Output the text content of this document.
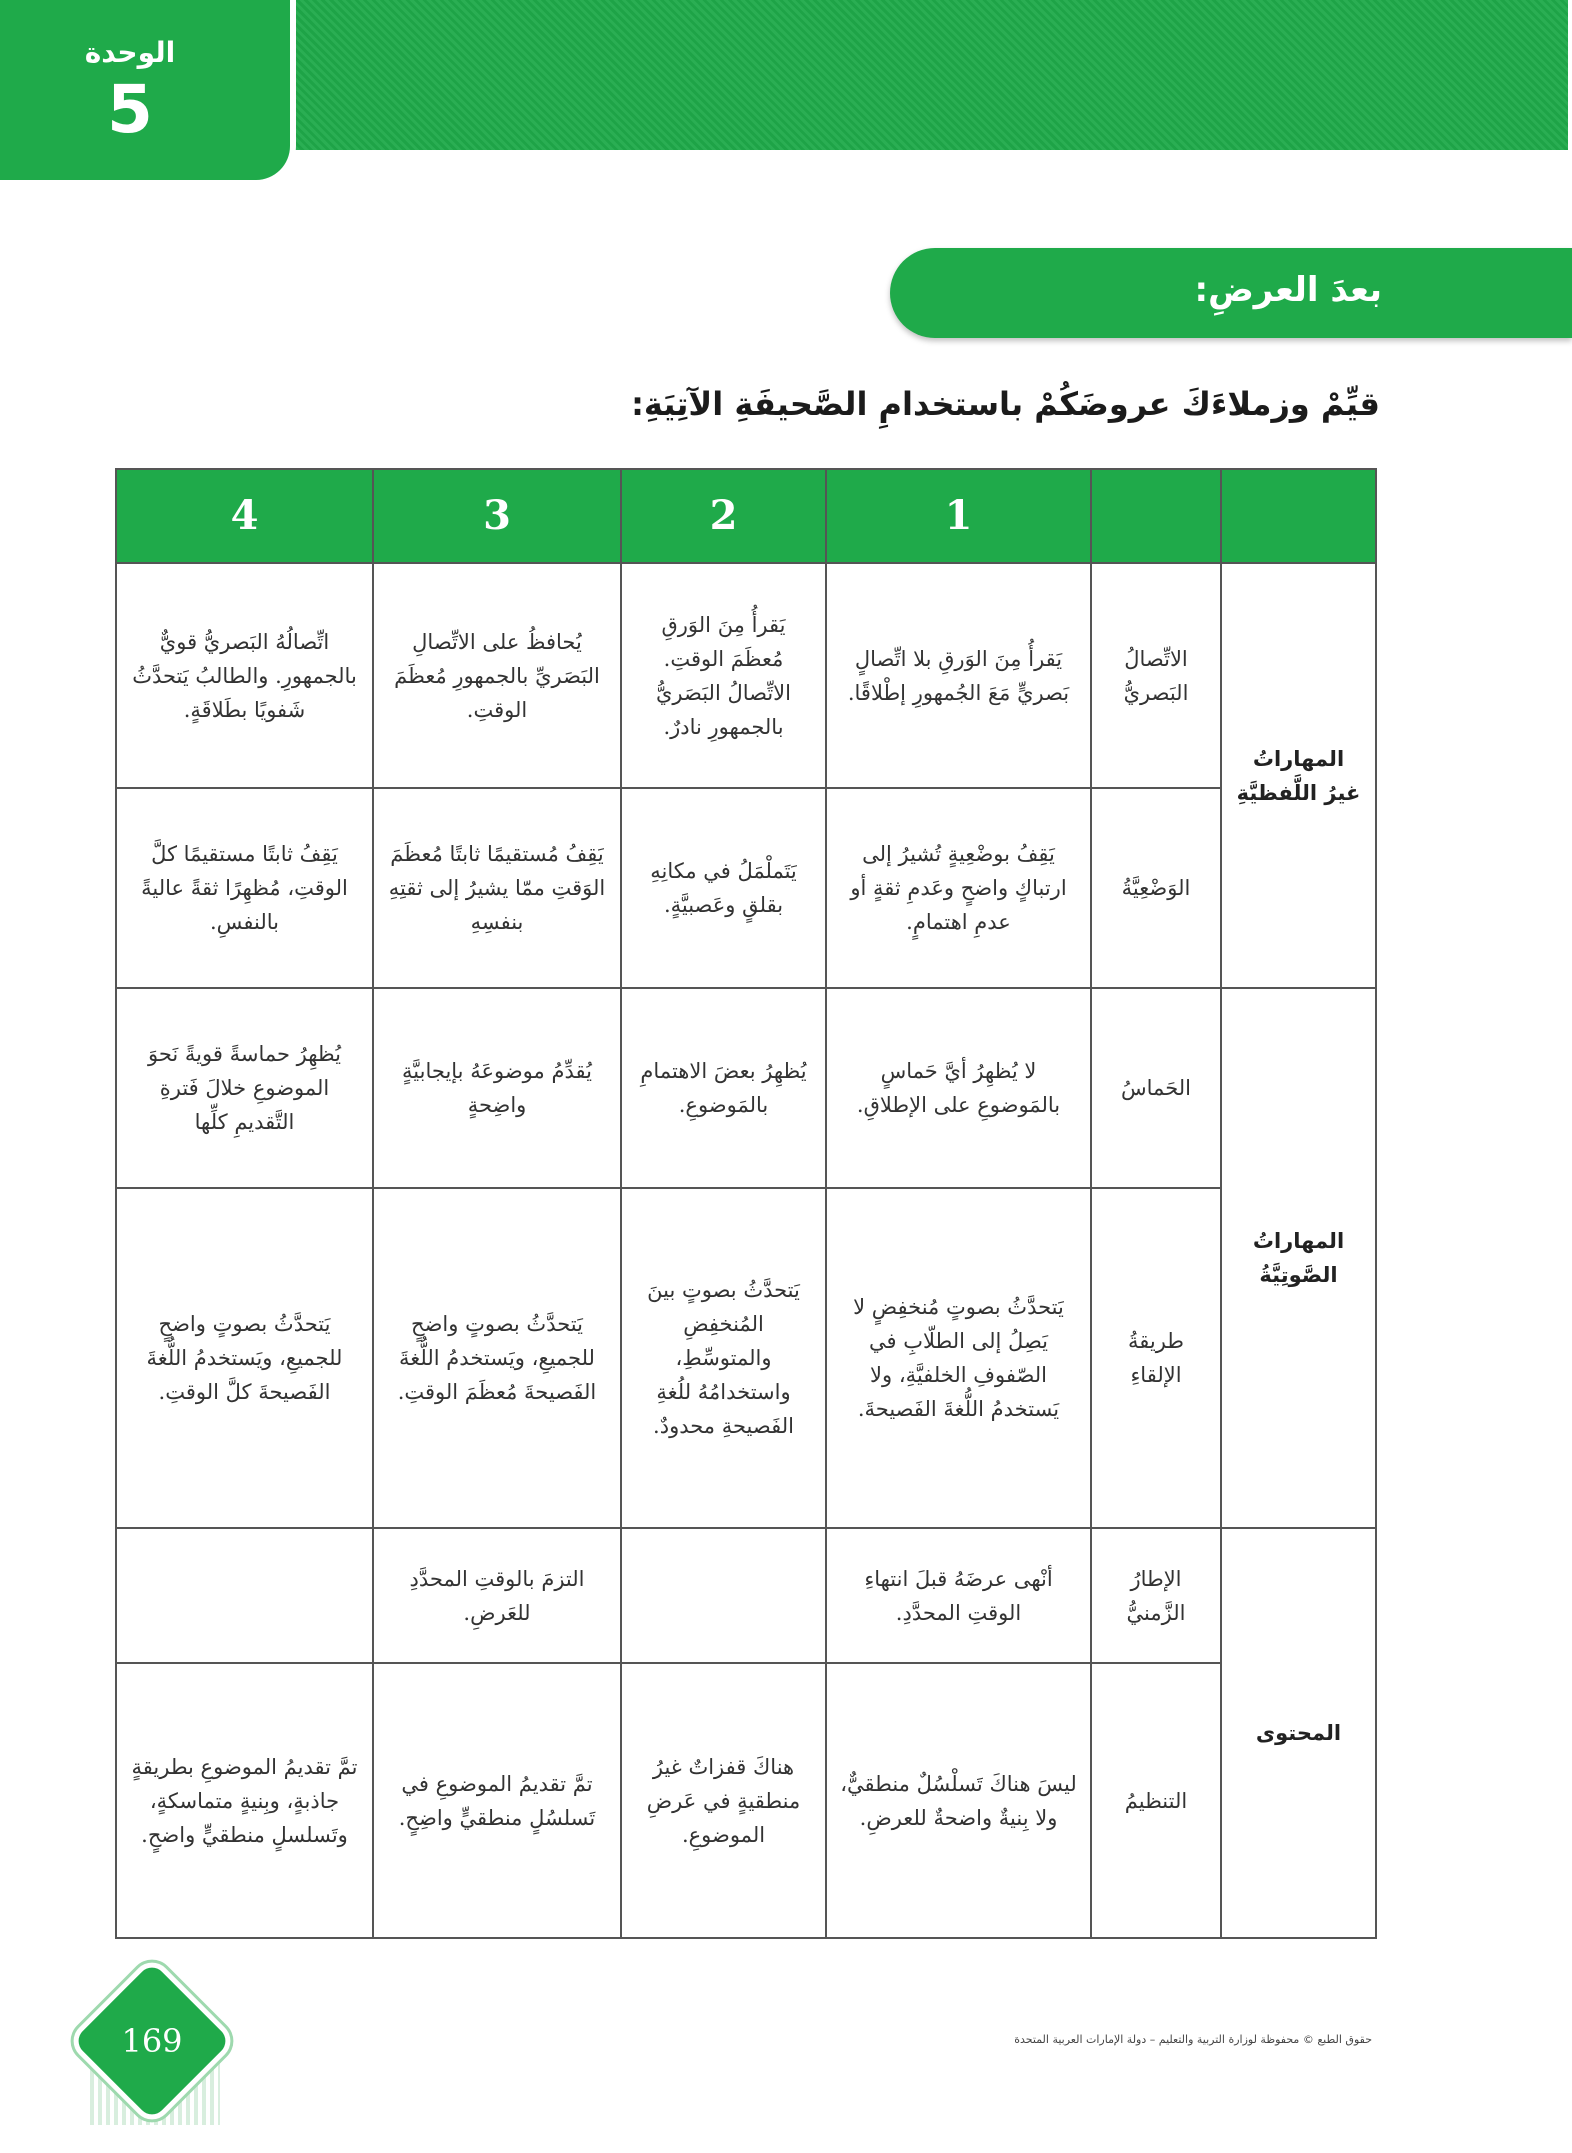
الوحدة
5
بعدَ العرضِ:
قيِّمْ وزملاءَكَ عروضَكُمْ باستخدامِ الصَّحيفَةِ الآتِيَةِ:
		1	2	3	4
المهاراتُ غيرُ اللَّفظيَّةِ	الاتِّصالُ البَصريُّ	يَقرأُ مِنَ الوَرقِ بلا اتِّصالٍ بَصريٍّ مَعَ الجُمهورِ إطْلاقًا.	يَقرأُ مِنَ الوَرقِ مُعظَمَ الوقتِ. الاتِّصالُ البَصَريُّ بالجمهورِ نادرٌ.	يُحافظُ على الاتِّصالِ البَصَريِّ بالجمهورِ مُعظَمَ الوقتِ.	اتِّصالُهُ البَصريُّ قويٌّ بالجمهورِ. والطالبُ يَتحدَّثُ شَفويًا بطَلاقَةٍ.
	الوَضْعِيَّةُ	يَقِفُ بوضْعِيةٍ تُشيرُ إلى ارتباكٍ واضحٍ وعَدمِ ثقةٍ أو عدمِ اهتمامٍ.	يَتَملْمَلُ في مكانِهِ بقلقٍ وعَصبيَّةٍ.	يَقِفُ مُستقيمًا ثابتًا مُعظَمَ الوَقتِ ممّا يشيرُ إلى ثقتِهِ بنفسِهِ	يَقِفُ ثابتًا مستقيمًا كلَّ الوقتِ، مُظهِرًا ثقةً عاليةً بالنفسِ.
المهاراتُ الصَّوتِيَّةُ	الحَماسُ	لا يُظهِرُ أيَّ حَماسٍ بالمَوضوعِ على الإطلاقِ.	يُظهِرُ بعضَ الاهتمامِ بالمَوضوعِ.	يُقدِّمُ موضوعَهُ بإيجابيَّةٍ واضِحةٍ	يُظهِرُ حماسةً قويةً نَحوَ الموضوعِ خلالَ فَترةِ التَّقديمِ كلِّها
	طريقةُ الإلقاءِ	يَتحدَّثُ بصوتٍ مُنخفِضٍ لا يَصِلُ إلى الطلّابِ في الصّفوفِ الخلفيَّةِ، ولا يَستخدمُ اللُّغةَ الفَصيحةَ.	يَتحدَّثُ بصوتٍ بينَ المُنخفِضِ والمتوسِّطِ، واستخدامُهُ للُغةِ الفَصيحةِ محدودٌ.	يَتحدَّثُ بصوتٍ واضحٍ للجميعِ، ويَستخدمُ اللُّغةَ الفَصيحةَ مُعظَمَ الوقتِ.	يَتحدَّثُ بصوتٍ واضحٍ للجميعِ، ويَستخدمُ اللُّغةَ الفَصيحةَ كلَّ الوقتِ.
المحتوى	الإطارُ الزَّمنيُّ	أنْهى عرضَهُ قبلَ انتهاءِ الوقتِ المحدَّدِ.		التزمَ بالوقتِ المحدَّدِ للعَرضِ.	
	التنظيمُ	ليسَ هناكَ تَسلْسُلٌ منطقيٌّ، ولا بِنيةٌ واضحةٌ للعرضِ.	هناكَ قفزاتٌ غيرُ منطقيةٍ في عَرضِ الموضوعِ.	تمَّ تقديمُ الموضوعِ في تَسلسُلٍ منطقيٍّ واضِحٍ.	تمَّ تقديمُ الموضوعِ بطريقةٍ جاذبةٍ، وبِنيةٍ متماسكةٍ، وتَسلسلٍ منطقيٍّ واضحٍ.
169	حقوق الطبع © محفوظة لوزارة التربية والتعليم – دولة الإمارات العربية المتحدة
